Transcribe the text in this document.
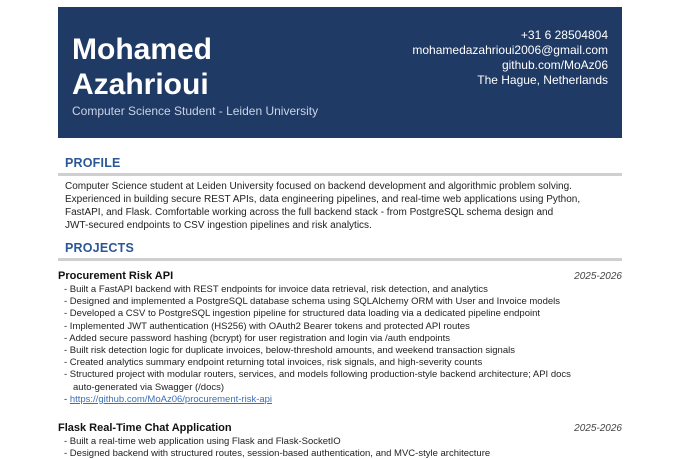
Mohamed
Azahrioui
Computer Science Student - Leiden University
+31 6 28504804
mohamedazahrioui2006@gmail.com
github.com/MoAz06
The Hague, Netherlands
PROFILE
Computer Science student at Leiden University focused on backend development and algorithmic problem solving.
Experienced in building secure REST APIs, data engineering pipelines, and real-time web applications using Python,
FastAPI, and Flask. Comfortable working across the full backend stack - from PostgreSQL schema design and
JWT-secured endpoints to CSV ingestion pipelines and risk analytics.
PROJECTS
Procurement Risk API	2025-2026
- Built a FastAPI backend with REST endpoints for invoice data retrieval, risk detection, and analytics
- Designed and implemented a PostgreSQL database schema using SQLAlchemy ORM with User and Invoice models
- Developed a CSV to PostgreSQL ingestion pipeline for structured data loading via a dedicated pipeline endpoint
- Implemented JWT authentication (HS256) with OAuth2 Bearer tokens and protected API routes
- Added secure password hashing (bcrypt) for user registration and login via /auth endpoints
- Built risk detection logic for duplicate invoices, below-threshold amounts, and weekend transaction signals
- Created analytics summary endpoint returning total invoices, risk signals, and high-severity counts
- Structured project with modular routers, services, and models following production-style backend architecture; API docs
auto-generated via Swagger (/docs)
- https://github.com/MoAz06/procurement-risk-api
Flask Real-Time Chat Application	2025-2026
- Built a real-time web application using Flask and Flask-SocketIO
- Designed backend with structured routes, session-based authentication, and MVC-style architecture
